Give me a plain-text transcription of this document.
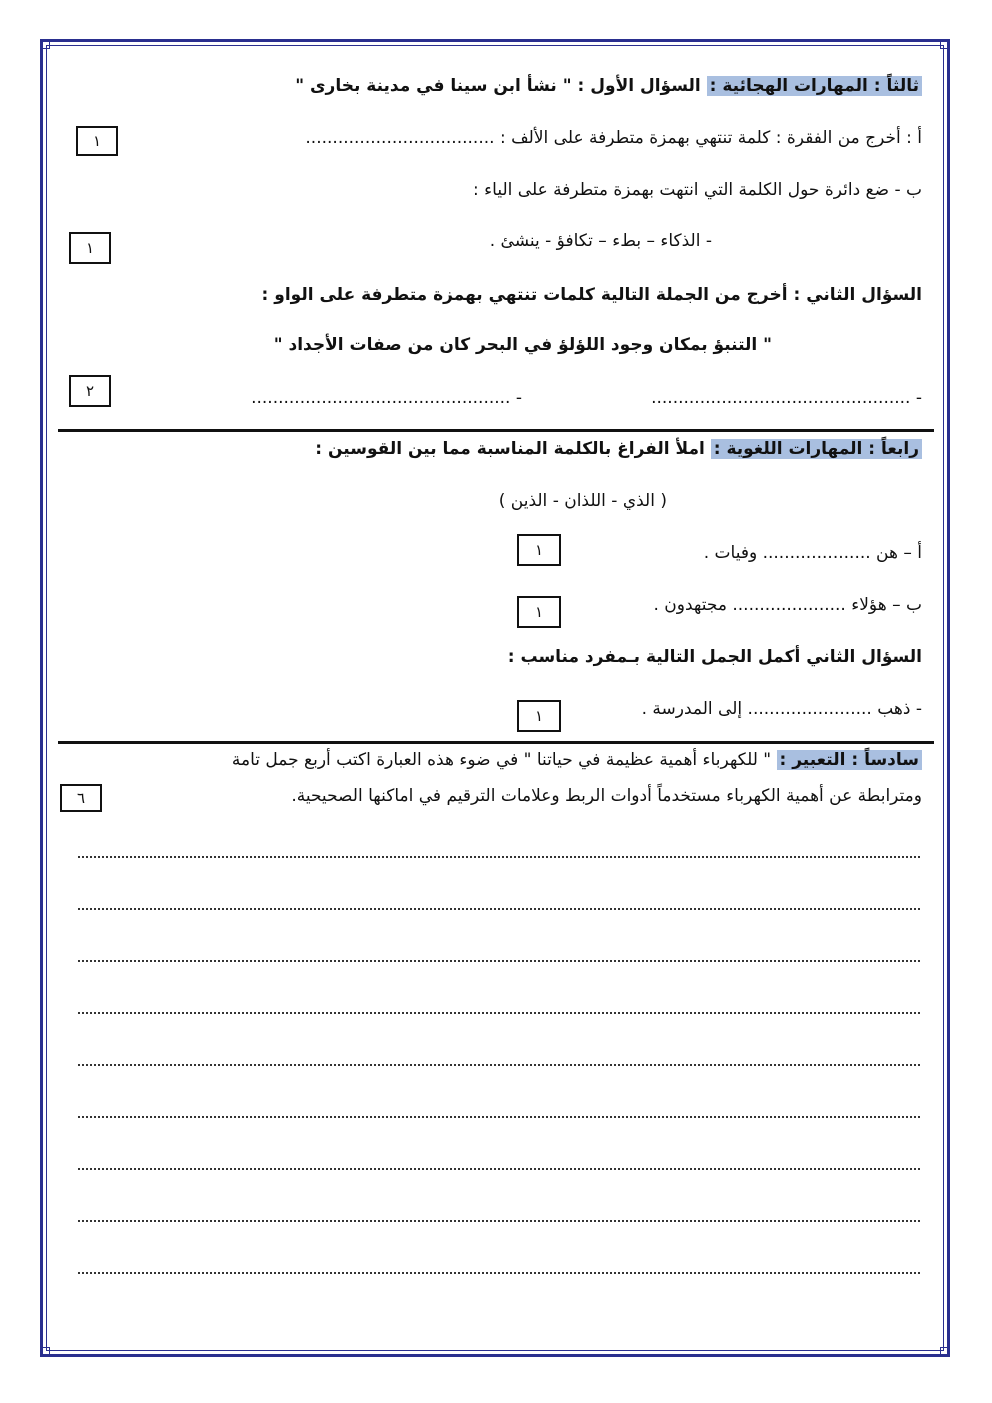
ثالثاً : المهارات الهجائية : السؤال الأول : " نشأ ابن سينا في مدينة بخارى "
أ : أخرج من الفقرة : كلمة تنتهي بهمزة متطرفة على الألف : ...................................
١
ب - ضع دائرة حول الكلمة التي انتهت بهمزة متطرفة على الياء :
- الذكاء – بطء – تكافؤ - ينشئ .
١
السؤال الثاني : أخرج من الجملة التالية كلمات تنتهي بهمزة متطرفة على الواو :
" التنبؤ بمكان وجود اللؤلؤ في البحر كان من صفات الأجداد "
- ................................................
- ................................................
٢
رابعاً : المهارات اللغوية : املأ الفراغ بالكلمة المناسبة مما بين القوسين :
( الذي - اللذان - الذين )
أ – هن .................... وفيات .
١
ب – هؤلاء ..................... مجتهدون .
١
السؤال الثاني أكمل الجمل التالية بـمفرد مناسب :
- ذهب ....................... إلى المدرسة .
١
سادساً : التعبير : " للكهرباء أهمية عظيمة في حياتنا " في ضوء هذه العبارة اكتب أربع جمل تامة
ومترابطة عن أهمية الكهرباء مستخدماً أدوات الربط وعلامات الترقيم في اماكنها الصحيحية.
٦
